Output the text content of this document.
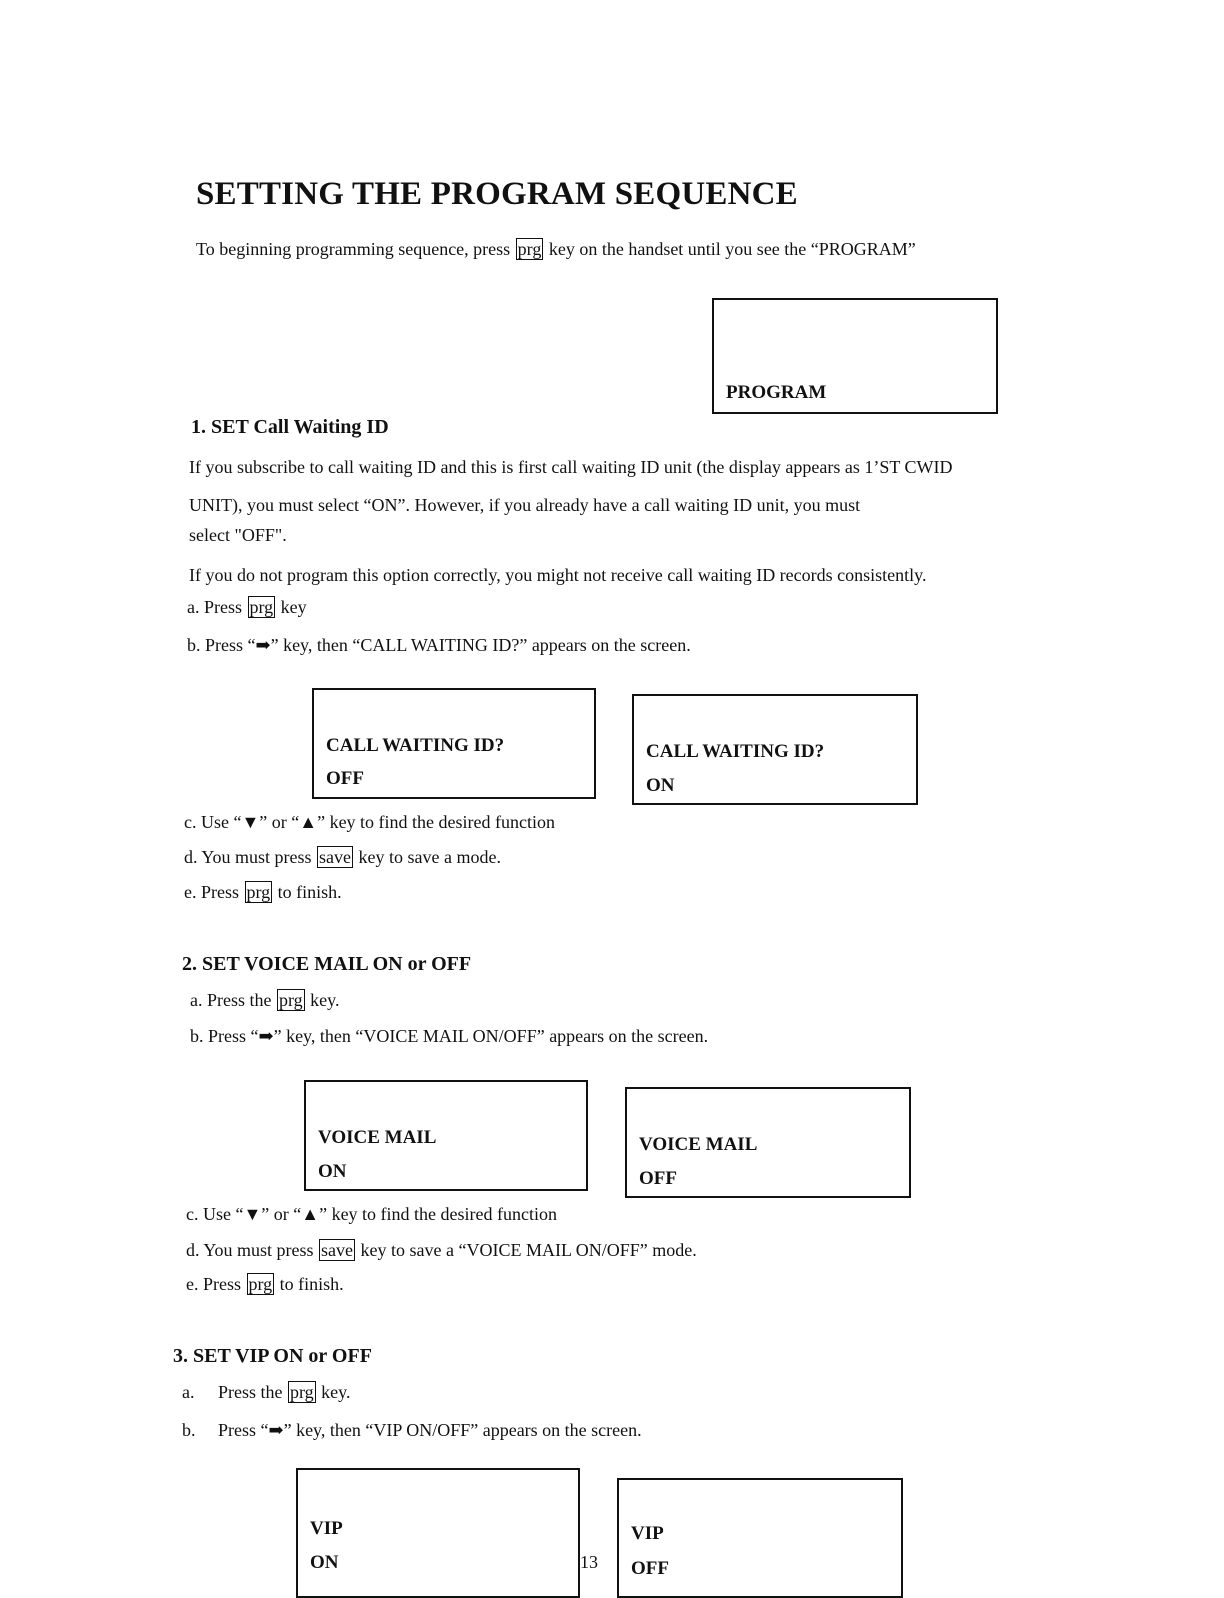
SETTING THE PROGRAM SEQUENCE
To beginning programming sequence, press prg key on the handset until you see the “PROGRAM”
PROGRAM
1. SET Call Waiting ID
If you subscribe to call waiting ID and this is first call waiting ID unit (the display appears as 1’ST CWID
UNIT), you must select “ON”. However, if you already have a call waiting ID unit, you must
select "OFF".
If you do not program this option correctly, you might not receive call waiting ID records consistently.
a. Press prg key
b. Press “➡” key, then “CALL WAITING ID?” appears on the screen.
CALL WAITING ID?
OFF
CALL WAITING ID?
ON
c. Use “▼” or “▲” key to find the desired function
d. You must press save key to save a mode.
e. Press prg to finish.
2. SET VOICE MAIL ON or OFF
a. Press the prg key.
b. Press “➡” key, then “VOICE MAIL ON/OFF” appears on the screen.
VOICE MAIL
ON
VOICE MAIL
OFF
c. Use “▼” or “▲” key to find the desired function
d. You must press save key to save a “VOICE MAIL ON/OFF” mode.
e. Press prg to finish.
3. SET VIP ON or OFF
a. Press the prg key.
b. Press “➡” key, then “VIP ON/OFF” appears on the screen.
VIP
ON
VIP
OFF
13
